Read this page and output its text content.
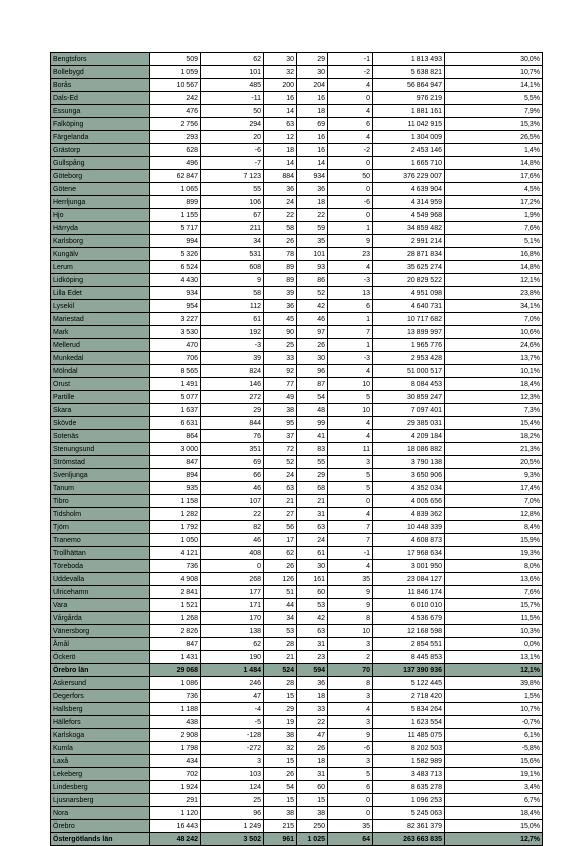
Bengtsfors	509	62	30	29	-1	1 813 493	30,0%
Bollebygd	1 059	101	32	30	-2	5 638 821	10,7%
Borås	10 567	485	200	204	4	56 864 947	14,1%
Dals-Ed	242	-11	16	16	0	976 219	5,5%
Essunga	476	50	14	18	4	1 881 161	7,9%
Falköping	2 756	294	63	69	6	11 042 915	15,3%
Färgelanda	293	20	12	16	4	1 304 009	26,5%
Grästorp	628	-6	18	16	-2	2 453 146	1,4%
Gullspång	496	-7	14	14	0	1 665 710	14,8%
Göteborg	62 847	7 123	884	934	50	376 229 007	17,6%
Götene	1 065	55	36	36	0	4 639 904	4,5%
Herrljunga	899	106	24	18	-6	4 314 959	17,2%
Hjo	1 155	67	22	22	0	4 549 968	1,9%
Härryda	5 717	211	58	59	1	34 859 482	7,6%
Karlsborg	994	34	26	35	9	2 991 214	5,1%
Kungälv	5 326	531	78	101	23	28 871 834	16,8%
Lerum	6 524	608	89	93	4	35 625 274	14,8%
Lidköping	4 430	9	89	86	-3	20 829 522	12,1%
Lilla Edet	934	58	39	52	13	4 951 098	23,8%
Lysekil	954	112	36	42	6	4 640 731	34,1%
Mariestad	3 227	61	45	46	1	10 717 682	7,0%
Mark	3 530	192	90	97	7	13 899 997	10,6%
Mellerud	470	-3	25	26	1	1 965 776	24,6%
Munkedal	706	39	33	30	-3	2 953 428	13,7%
Mölndal	8 565	824	92	96	4	51 000 517	10,1%
Orust	1 491	146	77	87	10	8 084 453	18,4%
Partille	5 077	272	49	54	5	30 859 247	12,3%
Skara	1 637	29	38	48	10	7 097 401	7,3%
Skövde	6 631	844	95	99	4	29 385 031	15,4%
Sotenäs	864	76	37	41	4	4 209 184	18,2%
Stenungsund	3 000	351	72	83	11	18 086 882	21,3%
Strömstad	847	69	52	55	3	3 790 138	20,5%
Svenljunga	894	66	24	29	5	3 650 906	9,3%
Tanum	935	46	63	68	5	4 352 034	17,4%
Tibro	1 158	107	21	21	0	4 005 656	7,0%
Tidsholm	1 282	22	27	31	4	4 839 362	12,8%
Tjörn	1 792	82	56	63	7	10 448 339	8,4%
Tranemo	1 050	46	17	24	7	4 608 873	15,9%
Trollhättan	4 121	408	62	61	-1	17 968 634	19,3%
Töreboda	736	0	26	30	4	3 001 950	8,0%
Uddevalla	4 908	268	126	161	35	23 084 127	13,6%
Ulricehamn	2 841	177	51	60	9	11 846 174	7,6%
Vara	1 521	171	44	53	9	6 010 010	15,7%
Vårgårda	1 268	170	34	42	8	4 536 679	11,5%
Vänersborg	2 826	138	53	63	10	12 168 598	10,3%
Åmål	847	62	28	31	3	2 854 551	0,0%
Öckerö	1 431	190	21	23	2	8 445 853	13,1%
Örebro län	29 068	1 484	524	594	70	137 390 936	12,1%
Askersund	1 086	246	28	36	8	5 122 445	39,8%
Degerfors	736	47	15	18	3	2 718 420	1,5%
Hallsberg	1 188	-4	29	33	4	5 834 264	10,7%
Hällefors	438	-5	19	22	3	1 623 554	-0,7%
Karlskoga	2 908	-128	38	47	9	11 485 075	6,1%
Kumla	1 798	-272	32	26	-6	8 202 503	-5,8%
Laxå	434	3	15	18	3	1 582 989	15,6%
Lekeberg	702	103	26	31	5	3 483 713	19,1%
Lindesberg	1 924	124	54	60	6	8 635 278	3,4%
Ljusnarsberg	291	25	15	15	0	1 096 253	6,7%
Nora	1 120	96	38	38	0	5 245 063	18,4%
Örebro	16 443	1 249	215	250	35	82 361 379	15,0%
Östergötlands län	48 242	3 502	961	1 025	64	263 663 835	12,7%
